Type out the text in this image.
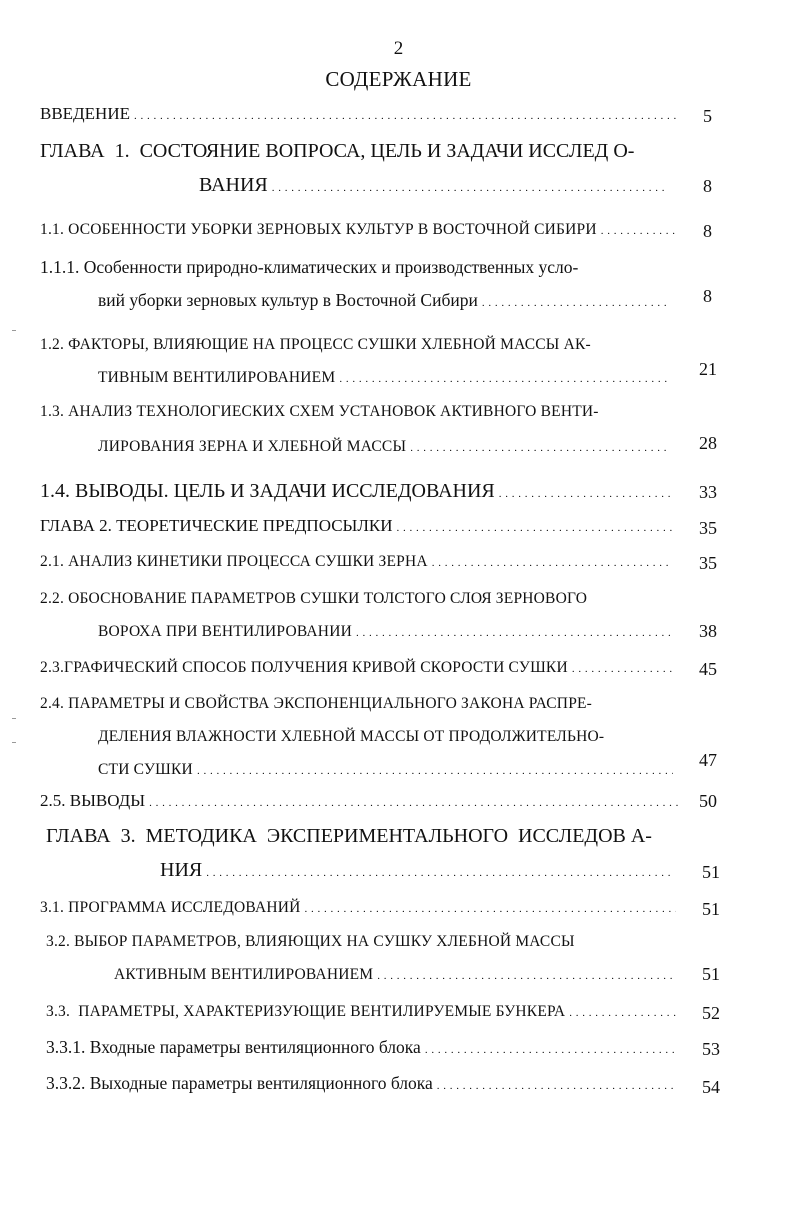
2
СОДЕРЖАНИЕ
ВВЕДЕНИЕ . . .	5
ГЛАВА  1.  СОСТОЯНИЕ ВОПРОСА, ЦЕЛЬ И ЗАДАЧИ ИССЛЕД О-
ВАНИЯ . . .	8
1.1. ОСОБЕННОСТИ УБОРКИ ЗЕРНОВЫХ КУЛЬТУР В ВОСТОЧНОЙ СИБИРИ . . .	8
1.1.1. Особенности природно-климатических и производственных усло-
вий уборки зерновых культур в Восточной Сибири . . .	8
1.2. ФАКТОРЫ, ВЛИЯЮЩИЕ НА ПРОЦЕСС СУШКИ ХЛЕБНОЙ МАССЫ АК-
ТИВНЫМ ВЕНТИЛИРОВАНИЕМ . . .	21
1.3. АНАЛИЗ ТЕХНОЛОГИЕСКИХ СХЕМ УСТАНОВОК АКТИВНОГО ВЕНТИ-
ЛИРОВАНИЯ ЗЕРНА И ХЛЕБНОЙ МАССЫ . . .	28
1.4. ВЫВОДЫ. ЦЕЛЬ И ЗАДАЧИ ИССЛЕДОВАНИЯ . . .	33
ГЛАВА 2. ТЕОРЕТИЧЕСКИЕ ПРЕДПОСЫЛКИ . . .	35
2.1. АНАЛИЗ КИНЕТИКИ ПРОЦЕССА СУШКИ ЗЕРНА . . .	35
2.2. ОБОСНОВАНИЕ ПАРАМЕТРОВ СУШКИ ТОЛСТОГО СЛОЯ ЗЕРНОВОГО
ВОРОХА ПРИ ВЕНТИЛИРОВАНИИ . . .	38
2.3.ГРАФИЧЕСКИЙ СПОСОБ ПОЛУЧЕНИЯ КРИВОЙ СКОРОСТИ СУШКИ . . .	45
2.4. ПАРАМЕТРЫ И СВОЙСТВА ЭКСПОНЕНЦИАЛЬНОГО ЗАКОНА РАСПРЕ-
ДЕЛЕНИЯ ВЛАЖНОСТИ ХЛЕБНОЙ МАССЫ ОТ ПРОДОЛЖИТЕЛЬНО-
СТИ СУШКИ . . .	47
2.5. ВЫВОДЫ . . .	50
ГЛАВА  3.  МЕТОДИКА  ЭКСПЕРИМЕНТАЛЬНОГО  ИССЛЕДОВ А-
НИЯ . . .	51
3.1. ПРОГРАММА ИССЛЕДОВАНИЙ . . .	51
3.2. ВЫБОР ПАРАМЕТРОВ, ВЛИЯЮЩИХ НА СУШКУ ХЛЕБНОЙ МАССЫ
АКТИВНЫМ ВЕНТИЛИРОВАНИЕМ . . .	51
3.3.  ПАРАМЕТРЫ, ХАРАКТЕРИЗУЮЩИЕ ВЕНТИЛИРУЕМЫЕ БУНКЕРА . . .	52
3.3.1. Входные параметры вентиляционного блока . . .	53
3.3.2. Выходные параметры вентиляционного блока . . .	54
